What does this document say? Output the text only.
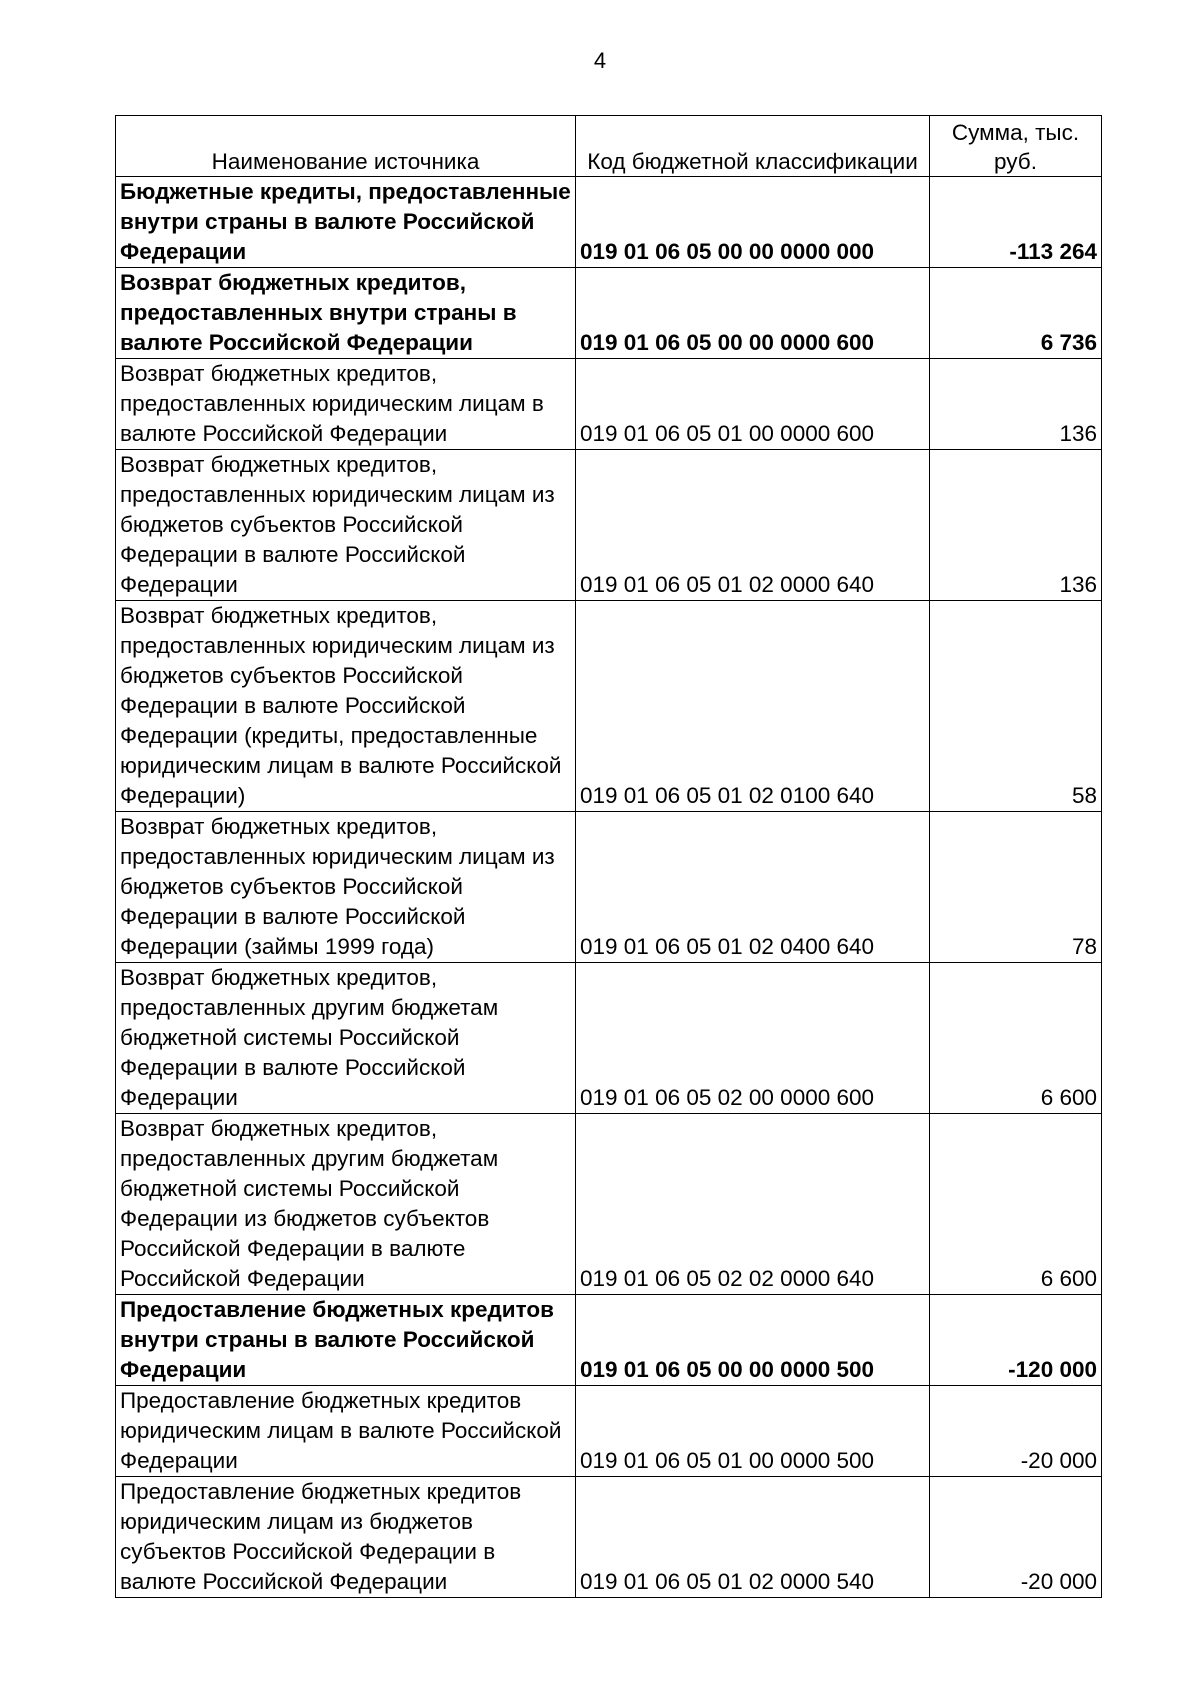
4
Наименование источника	Код бюджетной классификации	Сумма, тыс. руб.
Бюджетные кредиты, предоставленные внутри страны в валюте Российской Федерации	019 01 06 05 00 00 0000 000	-113 264
Возврат бюджетных кредитов, предоставленных внутри страны в валюте Российской Федерации	019 01 06 05 00 00 0000 600	6 736
Возврат бюджетных кредитов, предоставленных юридическим лицам в валюте Российской Федерации	019 01 06 05 01 00 0000 600	136
Возврат бюджетных кредитов, предоставленных юридическим лицам из бюджетов субъектов Российской Федерации в валюте Российской Федерации	019 01 06 05 01 02 0000 640	136
Возврат бюджетных кредитов, предоставленных юридическим лицам из бюджетов субъектов Российской Федерации в валюте Российской Федерации (кредиты, предоставленные юридическим лицам в валюте Российской Федерации)	019 01 06 05 01 02 0100 640	58
Возврат бюджетных кредитов, предоставленных юридическим лицам из бюджетов субъектов Российской Федерации в валюте Российской Федерации (займы 1999 года)	019 01 06 05 01 02 0400 640	78
Возврат бюджетных кредитов, предоставленных другим бюджетам бюджетной системы Российской Федерации в валюте Российской Федерации	019 01 06 05 02 00 0000 600	6 600
Возврат бюджетных кредитов, предоставленных другим бюджетам бюджетной системы Российской Федерации из бюджетов субъектов Российской Федерации в валюте Российской Федерации	019 01 06 05 02 02 0000 640	6 600
Предоставление бюджетных кредитов внутри страны в валюте Российской Федерации	019 01 06 05 00 00 0000 500	-120 000
Предоставление бюджетных кредитов юридическим лицам в валюте Российской Федерации	019 01 06 05 01 00 0000 500	-20 000
Предоставление бюджетных кредитов юридическим лицам из бюджетов субъектов Российской Федерации в валюте Российской Федерации	019 01 06 05 01 02 0000 540	-20 000
